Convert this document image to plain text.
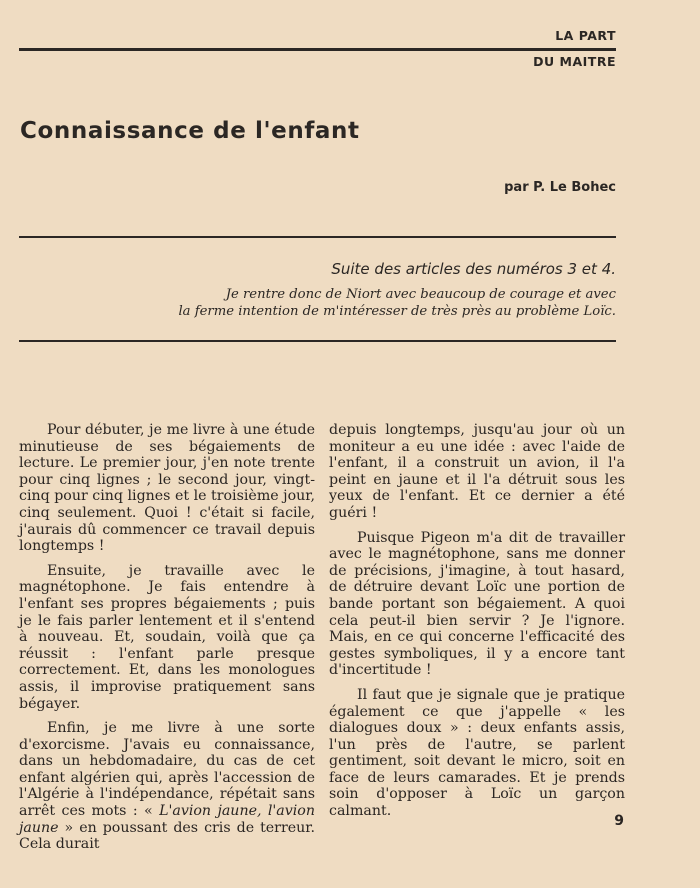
LA PART
DU MAITRE
Connaissance de l'enfant
par P. Le Bohec
Suite des articles des numéros 3 et 4.
Je rentre donc de Niort avec beaucoup de courage et avec
la ferme intention de m'intéresser de très près au problème Loïc.

Pour débuter, je me livre à une étude minutieuse de ses bégaiements de lecture. Le premier jour, j'en note trente pour cinq lignes ; le second jour, vingt-cinq pour cinq lignes et le troisième jour, cinq seulement. Quoi ! c'était si facile, j'aurais dû commencer ce travail depuis longtemps !

Ensuite, je travaille avec le magnétophone. Je fais entendre à l'enfant ses propres bégaiements ; puis je le fais parler lentement et il s'entend à nouveau. Et, soudain, voilà que ça réussit : l'enfant parle presque correctement. Et, dans les monologues assis, il improvise pratiquement sans bégayer.

Enfin, je me livre à une sorte d'exorcisme. J'avais eu connaissance, dans un hebdomadaire, du cas de cet enfant algérien qui, après l'accession de l'Algérie à l'indépendance, répétait sans arrêt ces mots : « L'avion jaune, l'avion jaune » en poussant des cris de terreur. Cela durait

depuis longtemps, jusqu'au jour où un moniteur a eu une idée : avec l'aide de l'enfant, il a construit un avion, il l'a peint en jaune et il l'a détruit sous les yeux de l'enfant. Et ce dernier a été guéri !

Puisque Pigeon m'a dit de travailler avec le magnétophone, sans me donner de précisions, j'imagine, à tout hasard, de détruire devant Loïc une portion de bande portant son bégaiement. A quoi cela peut-il bien servir ? Je l'ignore. Mais, en ce qui concerne l'efficacité des gestes symboliques, il y a encore tant d'incertitude !

Il faut que je signale que je pratique également ce que j'appelle « les dialogues doux » : deux enfants assis, l'un près de l'autre, se parlent gentiment, soit devant le micro, soit en face de leurs camarades. Et je prends soin d'opposer à Loïc un garçon calmant.

9
